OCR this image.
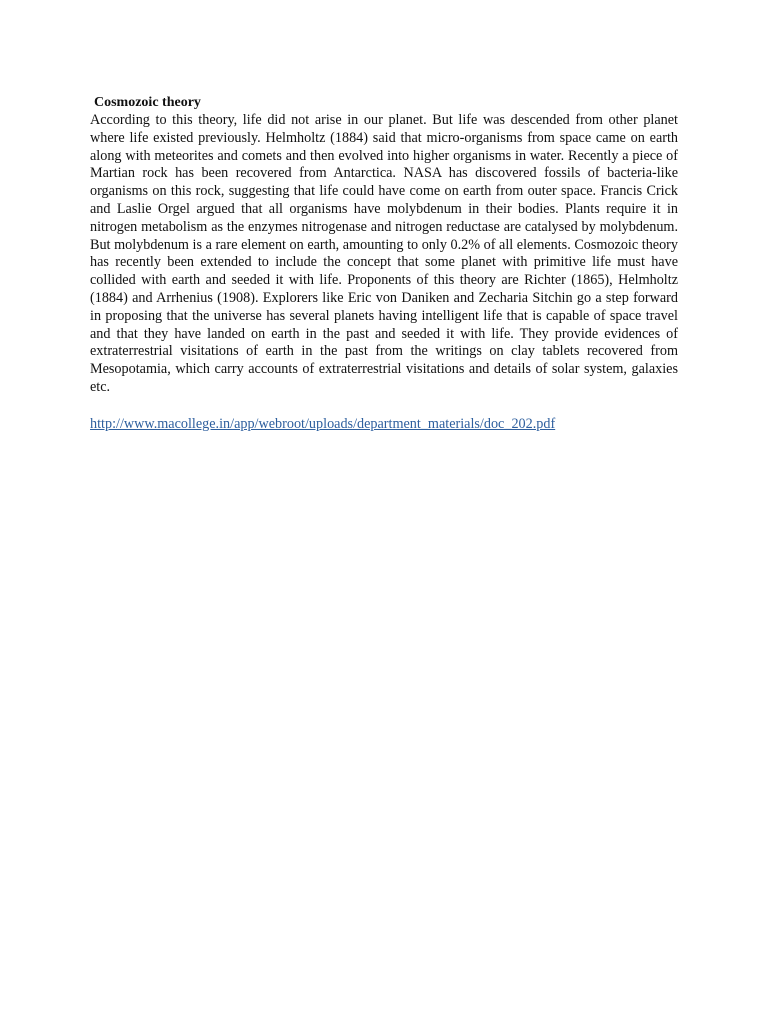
Cosmozoic theory

According to this theory, life did not arise in our planet. But life was descended from other planet where life existed previously. Helmholtz (1884) said that micro-organisms from space came on earth along with meteorites and comets and then evolved into higher organisms in water. Recently a piece of Martian rock has been recovered from Antarctica. NASA has discovered fossils of bacteria-like organisms on this rock, suggesting that life could have come on earth from outer space. Francis Crick and Laslie Orgel argued that all organisms have molybdenum in their bodies. Plants require it in nitrogen metabolism as the enzymes nitrogenase and nitrogen reductase are catalysed by molybdenum. But molybdenum is a rare element on earth, amounting to only 0.2% of all elements. Cosmozoic theory has recently been extended to include the concept that some planet with primitive life must have collided with earth and seeded it with life. Proponents of this theory are Richter (1865), Helmholtz (1884) and Arrhenius (1908). Explorers like Eric von Daniken and Zecharia Sitchin go a step forward in proposing that the universe has several planets having intelligent life that is capable of space travel and that they have landed on earth in the past and seeded it with life. They provide evidences of extraterrestrial visitations of earth in the past from the writings on clay tablets recovered from Mesopotamia, which carry accounts of extraterrestrial visitations and details of solar system, galaxies etc.

http://www.macollege.in/app/webroot/uploads/department_materials/doc_202.pdf
